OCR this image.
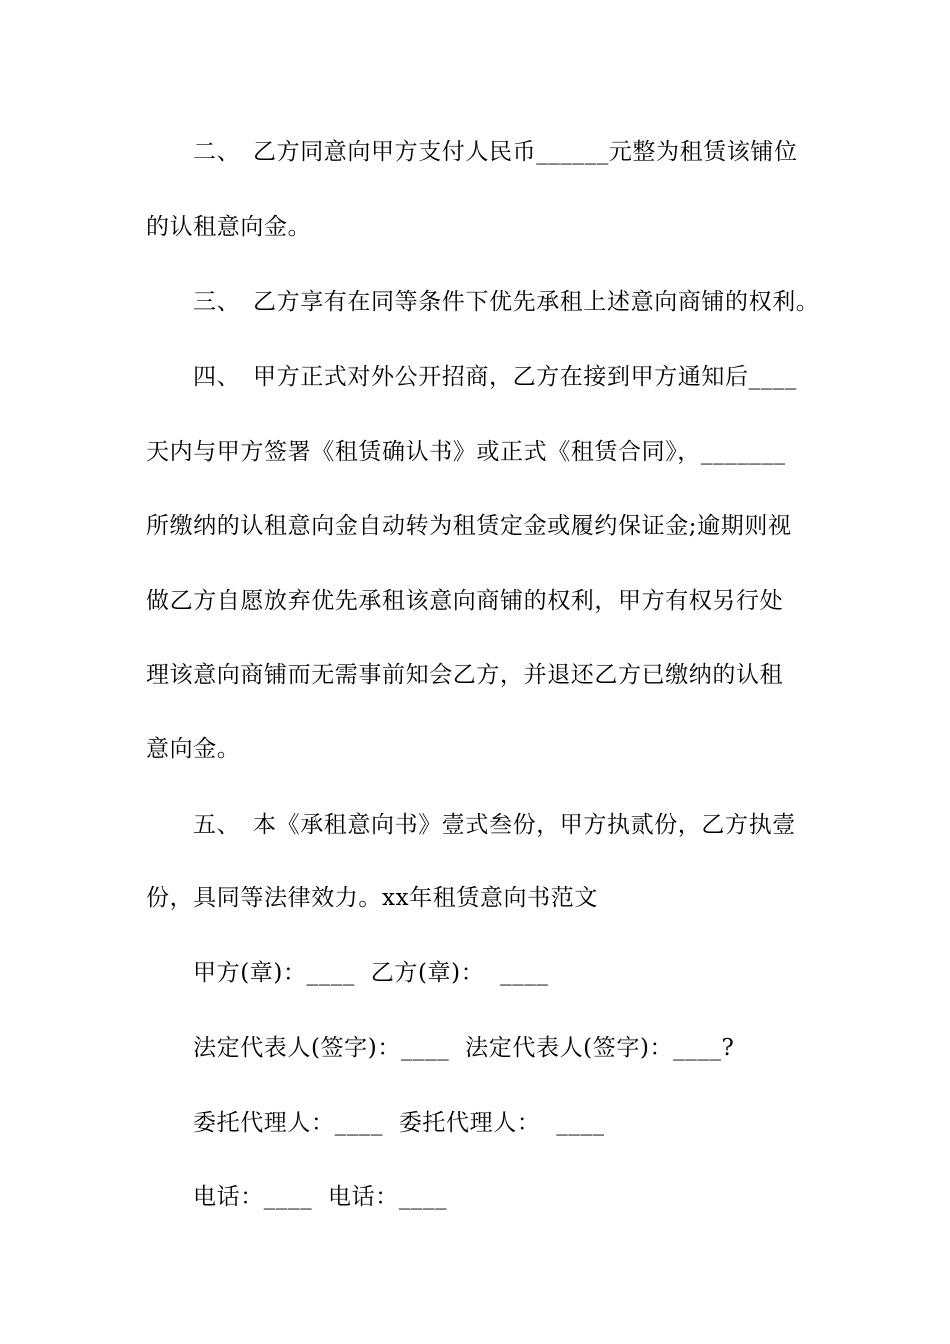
二、 乙方同意向甲方支付人民币______元整为租赁该铺位
的认租意向金。
三、 乙方享有在同等条件下优先承租上述意向商铺的权利。
四、 甲方正式对外公开招商，乙方在接到甲方通知后____
天内与甲方签署《租赁确认书》或正式《租赁合同》，_______
所缴纳的认租意向金自动转为租赁定金或履约保证金;逾期则视
做乙方自愿放弃优先承租该意向商铺的权利，甲方有权另行处
理该意向商铺而无需事前知会乙方，并退还乙方已缴纳的认租
意向金。
五、 本《承租意向书》壹式叁份，甲方执贰份，乙方执壹
份，具同等法律效力。xx年租赁意向书范文
甲方(章)：____  乙方(章)：  ____
法定代表人(签字)：____  法定代表人(签字)：____?
委托代理人：____  委托代理人：  ____
电话：____  电话：____
